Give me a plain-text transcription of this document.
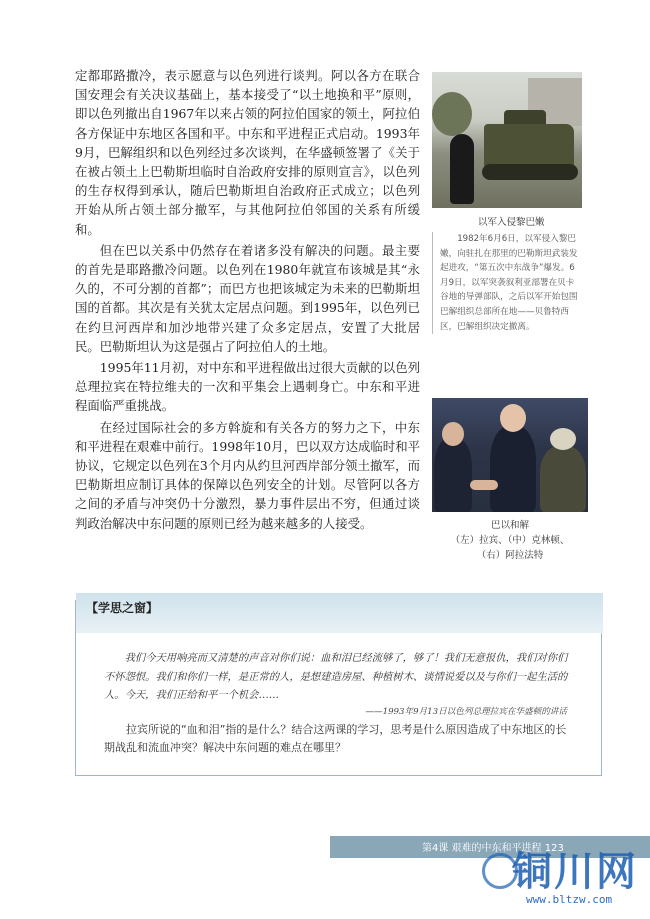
定都耶路撒冷，表示愿意与以色列进行谈判。阿以各方在联合国安理会有关决议基础上，基本接受了“以土地换和平”原则，即以色列撤出自1967年以来占领的阿拉伯国家的领土，阿拉伯各方保证中东地区各国和平。中东和平进程正式启动。1993年9月，巴解组织和以色列经过多次谈判，在华盛顿签署了《关于在被占领土上巴勒斯坦临时自治政府安排的原则宣言》，以色列的生存权得到承认，随后巴勒斯坦自治政府正式成立；以色列开始从所占领土部分撤军，与其他阿拉伯邻国的关系有所缓和。

但在巴以关系中仍然存在着诸多没有解决的问题。最主要的首先是耶路撒冷问题。以色列在1980年就宣布该城是其“永久的，不可分割的首都”；而巴方也把该城定为未来的巴勒斯坦国的首都。其次是有关犹太定居点问题。到1995年，以色列已在约旦河西岸和加沙地带兴建了众多定居点，安置了大批居民。巴勒斯坦认为这是强占了阿拉伯人的土地。

1995年11月初，对中东和平进程做出过很大贡献的以色列总理拉宾在特拉维夫的一次和平集会上遇刺身亡。中东和平进程面临严重挑战。

在经过国际社会的多方斡旋和有关各方的努力之下，中东和平进程在艰难中前行。1998年10月，巴以双方达成临时和平协议，它规定以色列在3个月内从约旦河西岸部分领土撤军，而巴勒斯坦应制订具体的保障以色列安全的计划。尽管阿以各方之间的矛盾与冲突仍十分激烈，暴力事件层出不穷，但通过谈判政治解决中东问题的原则已经为越来越多的人接受。

以军入侵黎巴嫩

1982年6月6日，以军侵入黎巴嫩，向驻扎在那里的巴勒斯坦武装发起进攻，“第五次中东战争”爆发。6月9日，以军突袭叙利亚部署在贝卡谷地的导弹部队，之后以军开始包围巴解组织总部所在地——贝鲁特西区，巴解组织决定撤离。

巴以和解
（左）拉宾、（中）克林顿、
（右）阿拉法特
【学思之窗】
我们今天用响亮而又清楚的声音对你们说：血和泪已经流够了，够了！我们无意报仇，我们对你们不怀怨恨。我们和你们一样，是正常的人，是想建造房屋、种植树木、谈情说爱以及与你们一起生活的人。今天，我们正给和平一个机会……
——1993年9月13日以色列总理拉宾在华盛顿的讲话
拉宾所说的“血和泪”指的是什么？结合这两课的学习，思考是什么原因造成了中东地区的长期战乱和流血冲突？解决中东问题的难点在哪里？
第4课 艰难的中东和平进程 123
铜川网
www.bltzw.com
